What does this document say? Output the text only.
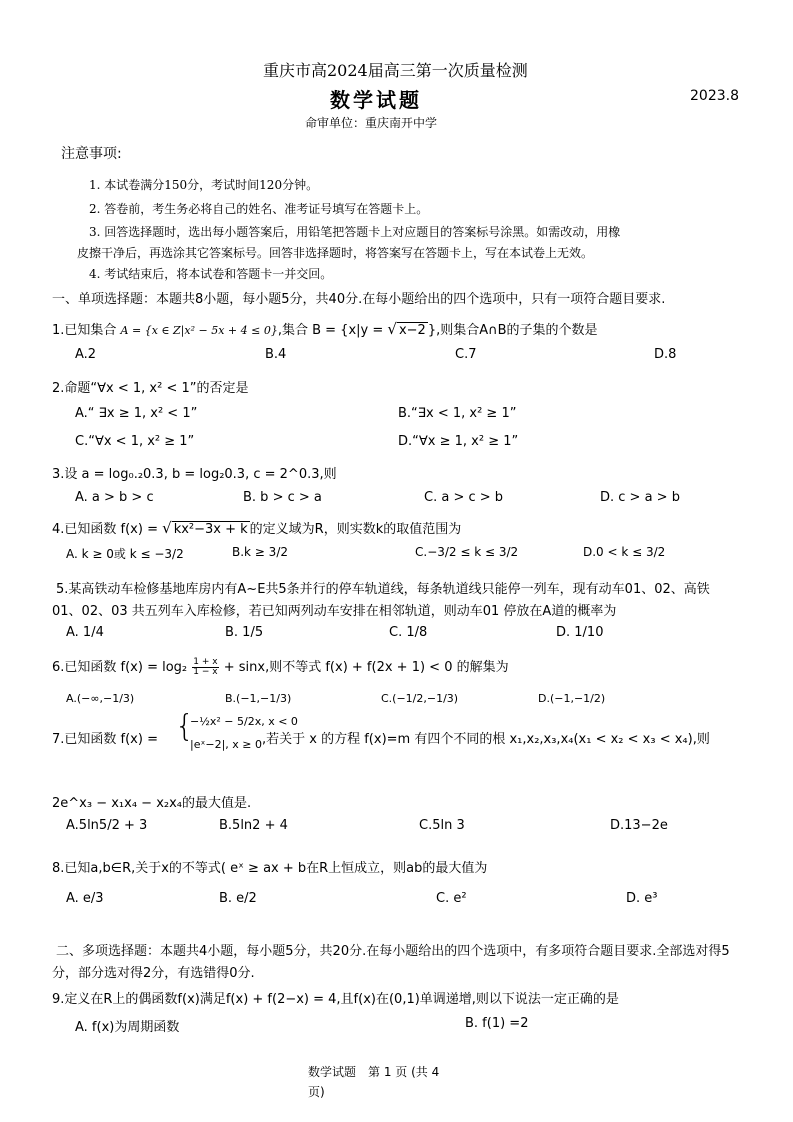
重庆市高2024届高三第一次质量检测
数学试题	2023.8
命审单位：重庆南开中学
注意事项:
1. 本试卷满分150分，考试时间120分钟。
2. 答卷前，考生务必将自己的姓名、准考证号填写在答题卡上。
3. 回答选择题时，选出每小题答案后，用铅笔把答题卡上对应题目的答案标号涂黑。如需改动，用橡
皮擦干净后，再选涂其它答案标号。回答非选择题时，将答案写在答题卡上，写在本试卷上无效。
4. 考试结束后，将本试卷和答题卡一并交回。
一、单项选择题：本题共8小题，每小题5分，共40分.在每小题给出的四个选项中，只有一项符合题目要求.
1.已知集合 A = {x ∈ Z|x² − 5x + 4 ≤ 0},集合 B = {x|y = √ x−2 },则集合A∩B的子集的个数是
A.2	B.4	C.7	D.8
2.命题“∀x < 1, x² < 1”的否定是
A.“ ∃x ≥ 1, x² < 1”	B.“∃x < 1, x² ≥ 1”
C.“∀x < 1, x² ≥ 1”	D.“∀x ≥ 1, x² ≥ 1”
3.设 a = log₀.₂0.3, b = log₂0.3, c = 2^0.3,则
A. a > b > c	B. b > c > a	C. a > c > b	D. c > a > b
4.已知函数 f(x) = √ kx²−3x + k 的定义域为R，则实数k的取值范围为
A. k ≥ 0或 k ≤ −3/2	B.k ≥ 3/2	C.−3/2 ≤ k ≤ 3/2	D.0 < k ≤ 3/2
5.某高铁动车检修基地库房内有A~E共5条并行的停车轨道线，每条轨道线只能停一列车，现有动车01、02、高铁
01、02、03 共五列车入库检修，若已知两列动车安排在相邻轨道，则动车01 停放在A道的概率为
A. 1/4	B. 1/5	C. 1/8	D. 1/10
6.已知函数 $f(x) = \log_2 \frac{1 + x}{1 - x} + \sin x$,则不等式 f(x) + f(2x + 1) < 0 的解集为
A.(−∞,−1/3)	B.(−1,−1/3)	C.(−1/2,−1/3)	D.(−1,−1/2)
7.已知函数 f(x) = {
−½x² − 5/2x, x < 0
|eˣ−2|, x ≥ 0 ,若关于 x 的方程 f(x)=m 有四个不同的根 x₁,x₂,x₃,x₄(x₁ < x₂ < x₃ < x₄),则
2e^x₃ − x₁x₄ − x₂x₄的最大值是.
A.5ln5/2 + 3	B.5ln2 + 4	C.5ln 3	D.13−2e
8.已知a,b∈R,关于x的不等式( eˣ ≥ ax + b在R上恒成立，则ab的最大值为
A. e/3	B. e/2	C. e²	D. e³
二、多项选择题：本题共4小题，每小题5分，共20分.在每小题给出的四个选项中，有多项符合题目要求.全部选对得5
分，部分选对得2分，有选错得0分.
9.定义在R上的偶函数f(x)满足f(x) + f(2−x) = 4,且f(x)在(0,1)单调递增,则以下说法一定正确的是
A. f(x)为周期函数	B. f(1) =2
数学试题　第 1 页 (共 4
页)
